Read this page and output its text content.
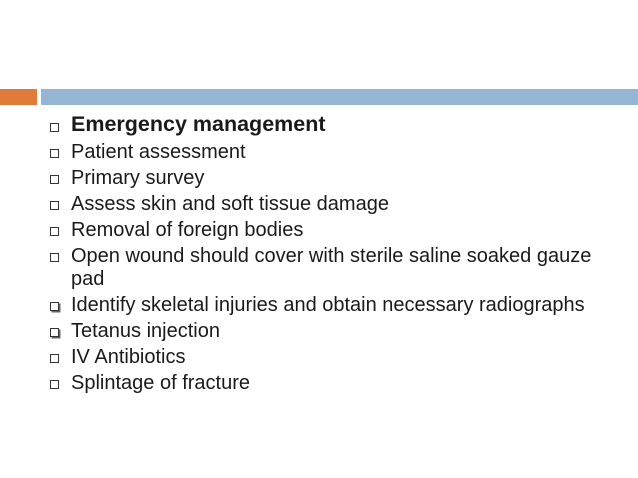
Emergency management
Patient assessment
Primary survey
Assess skin and soft tissue damage
Removal of foreign bodies
Open wound should cover with sterile saline soaked gauze pad
Identify skeletal injuries and obtain necessary radiographs
Tetanus injection
IV Antibiotics
Splintage of fracture
